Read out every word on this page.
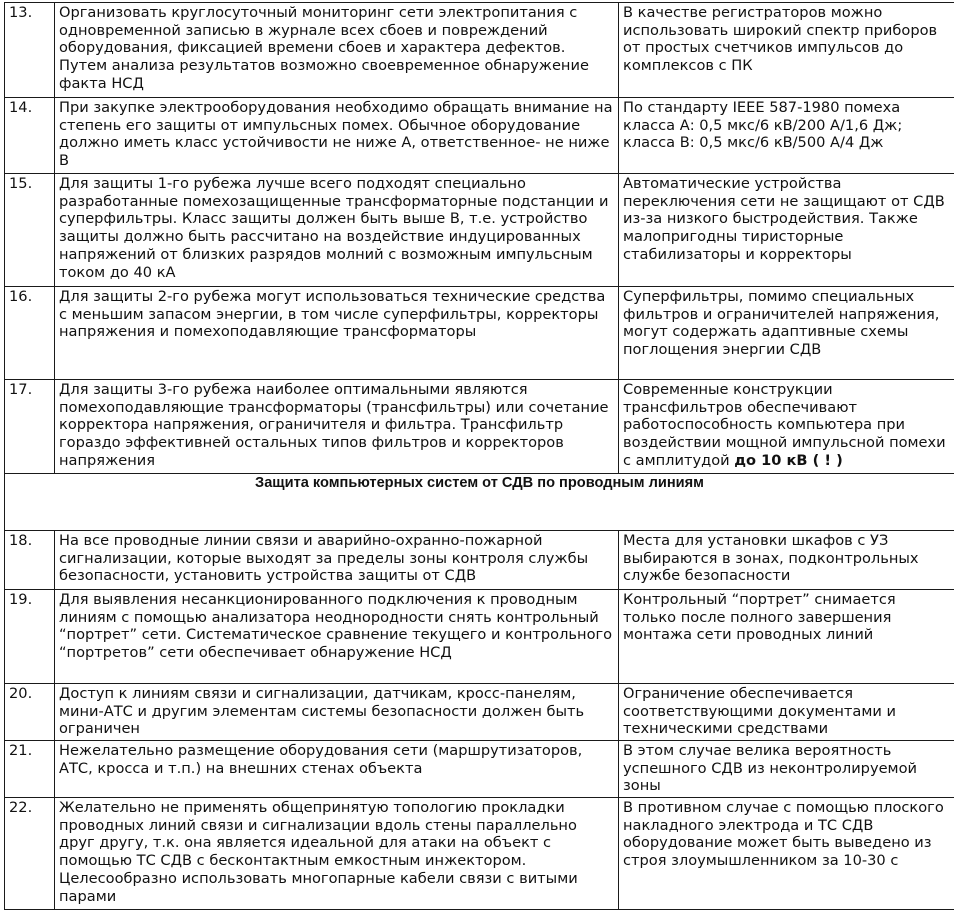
13.	Организовать круглосуточный мониторинг сети электропитания с одновременной записью в журнале всех сбоев и повреждений оборудования, фиксацией времени сбоев и характера дефектов. Путем анализа результатов возможно своевременное обнаружение факта НСД	В качестве регистраторов можно использовать широкий спектр приборов от простых счетчиков импульсов до комплексов с ПК
14.	При закупке электрооборудования необходимо обращать внимание на степень его защиты от импульсных помех. Обычное оборудование должно иметь класс устойчивости не ниже А, ответственное- не ниже В	По стандарту IEEE 587-1980 помеха класса А: 0,5 мкс/6 кВ/200 А/1,6 Дж; класса В: 0,5 мкс/6 кВ/500 А/4 Дж
15.	Для защиты 1-го рубежа лучше всего подходят специально разработанные помехозащищенные трансформаторные подстанции и суперфильтры. Класс защиты должен быть выше В, т.е. устройство защиты должно быть рассчитано на воздействие индуцированных напряжений от близких разрядов молний с возможным импульсным током до 40 кА	Автоматические устройства переключения сети не защищают от СДВ из-за низкого быстродействия. Также малопригодны тиристорные стабилизаторы и корректоры
16.	Для защиты 2-го рубежа могут использоваться технические средства с меньшим запасом энергии, в том числе суперфильтры, корректоры напряжения и помехоподавляющие трансформаторы	Суперфильтры, помимо специальных фильтров и ограничителей напряжения, могут содержать адаптивные схемы поглощения энергии СДВ
17.	Для защиты 3-го рубежа наиболее оптимальными являются помехоподавляющие трансформаторы (трансфильтры) или сочетание корректора напряжения, ограничителя и фильтра. Трансфильтр гораздо эффективней остальных типов фильтров и корректоров напряжения	Современные конструкции трансфильтров обеспечивают работоспособность компьютера при воздействии мощной импульсной помехи с амплитудой до 10 кВ ( ! )
Защита компьютерных систем от СДВ по проводным линиям		
18.	На все проводные линии связи и аварийно-охранно-пожарной сигнализации, которые выходят за пределы зоны контроля службы безопасности, установить устройства защиты от СДВ	Места для установки шкафов с УЗ выбираются в зонах, подконтрольных службе безопасности
19.	Для выявления несанкционированного подключения к проводным линиям с помощью анализатора неоднородности снять контрольный “портрет” сети. Систематическое сравнение текущего и контрольного “портретов” сети обеспечивает обнаружение НСД	Контрольный “портрет” снимается только после полного завершения монтажа сети проводных линий
20.	Доступ к линиям связи и сигнализации, датчикам, кросс-панелям, мини-АТС и другим элементам системы безопасности должен быть ограничен	Ограничение обеспечивается соответствующими документами и техническими средствами
21.	Нежелательно размещение оборудования сети (маршрутизаторов, АТС, кросса и т.п.) на внешних стенах объекта	В этом случае велика вероятность успешного СДВ из неконтролируемой зоны
22.	Желательно не применять общепринятую топологию прокладки проводных линий связи и сигнализации вдоль стены параллельно друг другу, т.к. она является идеальной для атаки на объект с помощью ТС СДВ с бесконтактным емкостным инжектором. Целесообразно использовать многопарные кабели связи с витыми парами	В противном случае с помощью плоского накладного электрода и ТС СДВ оборудование может быть выведено из строя злоумышленником за 10-30 с
